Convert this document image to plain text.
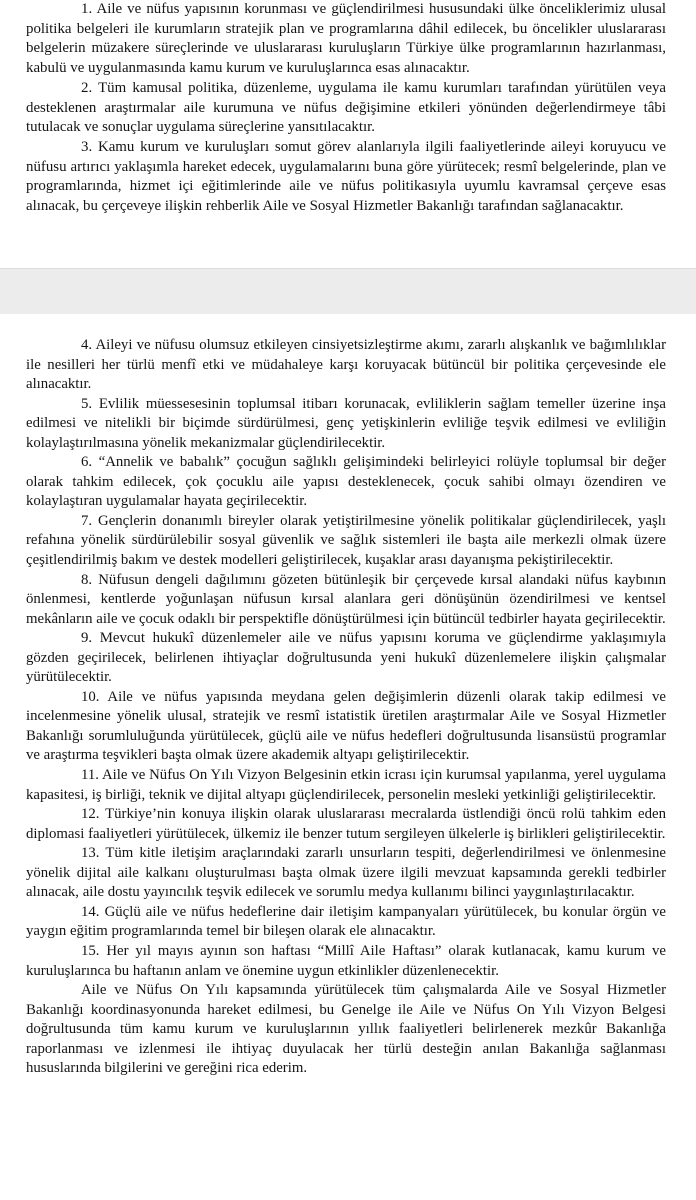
1. Aile ve nüfus yapısının korunması ve güçlendirilmesi hususundaki ülke önceliklerimiz ulusal politika belgeleri ile kurumların stratejik plan ve programlarına dâhil edilecek, bu öncelikler uluslararası belgelerin müzakere süreçlerinde ve uluslararası kuruluşların Türkiye ülke programlarının hazırlanması, kabulü ve uygulanmasında kamu kurum ve kuruluşlarınca esas alınacaktır.

2. Tüm kamusal politika, düzenleme, uygulama ile kamu kurumları tarafından yürütülen veya desteklenen araştırmalar aile kurumuna ve nüfus değişimine etkileri yönünden değerlendirmeye tâbi tutulacak ve sonuçlar uygulama süreçlerine yansıtılacaktır.

3. Kamu kurum ve kuruluşları somut görev alanlarıyla ilgili faaliyetlerinde aileyi koruyucu ve nüfusu artırıcı yaklaşımla hareket edecek, uygulamalarını buna göre yürütecek; resmî belgelerinde, plan ve programlarında, hizmet içi eğitimlerinde aile ve nüfus politikasıyla uyumlu kavramsal çerçeve esas alınacak, bu çerçeveye ilişkin rehberlik Aile ve Sosyal Hizmetler Bakanlığı tarafından sağlanacaktır.

4. Aileyi ve nüfusu olumsuz etkileyen cinsiyetsizleştirme akımı, zararlı alışkanlık ve bağımlılıklar ile nesilleri her türlü menfî etki ve müdahaleye karşı koruyacak bütüncül bir politika çerçevesinde ele alınacaktır.

5. Evlilik müessesesinin toplumsal itibarı korunacak, evliliklerin sağlam temeller üzerine inşa edilmesi ve nitelikli bir biçimde sürdürülmesi, genç yetişkinlerin evliliğe teşvik edilmesi ve evliliğin kolaylaştırılmasına yönelik mekanizmalar güçlendirilecektir.

6. “Annelik ve babalık” çocuğun sağlıklı gelişimindeki belirleyici rolüyle toplumsal bir değer olarak tahkim edilecek, çok çocuklu aile yapısı desteklenecek, çocuk sahibi olmayı özendiren ve kolaylaştıran uygulamalar hayata geçirilecektir.

7. Gençlerin donanımlı bireyler olarak yetiştirilmesine yönelik politikalar güçlendirilecek, yaşlı refahına yönelik sürdürülebilir sosyal güvenlik ve sağlık sistemleri ile başta aile merkezli olmak üzere çeşitlendirilmiş bakım ve destek modelleri geliştirilecek, kuşaklar arası dayanışma pekiştirilecektir.

8. Nüfusun dengeli dağılımını gözeten bütünleşik bir çerçevede kırsal alandaki nüfus kaybının önlenmesi, kentlerde yoğunlaşan nüfusun kırsal alanlara geri dönüşünün özendirilmesi ve kentsel mekânların aile ve çocuk odaklı bir perspektifle dönüştürülmesi için bütüncül tedbirler hayata geçirilecektir.

9. Mevcut hukukî düzenlemeler aile ve nüfus yapısını koruma ve güçlendirme yaklaşımıyla gözden geçirilecek, belirlenen ihtiyaçlar doğrultusunda yeni hukukî düzenlemelere ilişkin çalışmalar yürütülecektir.

10. Aile ve nüfus yapısında meydana gelen değişimlerin düzenli olarak takip edilmesi ve incelenmesine yönelik ulusal, stratejik ve resmî istatistik üretilen araştırmalar Aile ve Sosyal Hizmetler Bakanlığı sorumluluğunda yürütülecek, güçlü aile ve nüfus hedefleri doğrultusunda lisansüstü programlar ve araştırma teşvikleri başta olmak üzere akademik altyapı geliştirilecektir.

11. Aile ve Nüfus On Yılı Vizyon Belgesinin etkin icrası için kurumsal yapılanma, yerel uygulama kapasitesi, iş birliği, teknik ve dijital altyapı güçlendirilecek, personelin mesleki yetkinliği geliştirilecektir.

12. Türkiye’nin konuya ilişkin olarak uluslararası mecralarda üstlendiği öncü rolü tahkim eden diplomasi faaliyetleri yürütülecek, ülkemiz ile benzer tutum sergileyen ülkelerle iş birlikleri geliştirilecektir.

13. Tüm kitle iletişim araçlarındaki zararlı unsurların tespiti, değerlendirilmesi ve önlenmesine yönelik dijital aile kalkanı oluşturulması başta olmak üzere ilgili mevzuat kapsamında gerekli tedbirler alınacak, aile dostu yayıncılık teşvik edilecek ve sorumlu medya kullanımı bilinci yaygınlaştırılacaktır.

14. Güçlü aile ve nüfus hedeflerine dair iletişim kampanyaları yürütülecek, bu konular örgün ve yaygın eğitim programlarında temel bir bileşen olarak ele alınacaktır.

15. Her yıl mayıs ayının son haftası “Millî Aile Haftası” olarak kutlanacak, kamu kurum ve kuruluşlarınca bu haftanın anlam ve önemine uygun etkinlikler düzenlenecektir.

Aile ve Nüfus On Yılı kapsamında yürütülecek tüm çalışmalarda Aile ve Sosyal Hizmetler Bakanlığı koordinasyonunda hareket edilmesi, bu Genelge ile Aile ve Nüfus On Yılı Vizyon Belgesi doğrultusunda tüm kamu kurum ve kuruluşlarının yıllık faaliyetleri belirlenerek mezkûr Bakanlığa raporlanması ve izlenmesi ile ihtiyaç duyulacak her türlü desteğin anılan Bakanlığa sağlanması hususlarında bilgilerini ve gereğini rica ederim.
